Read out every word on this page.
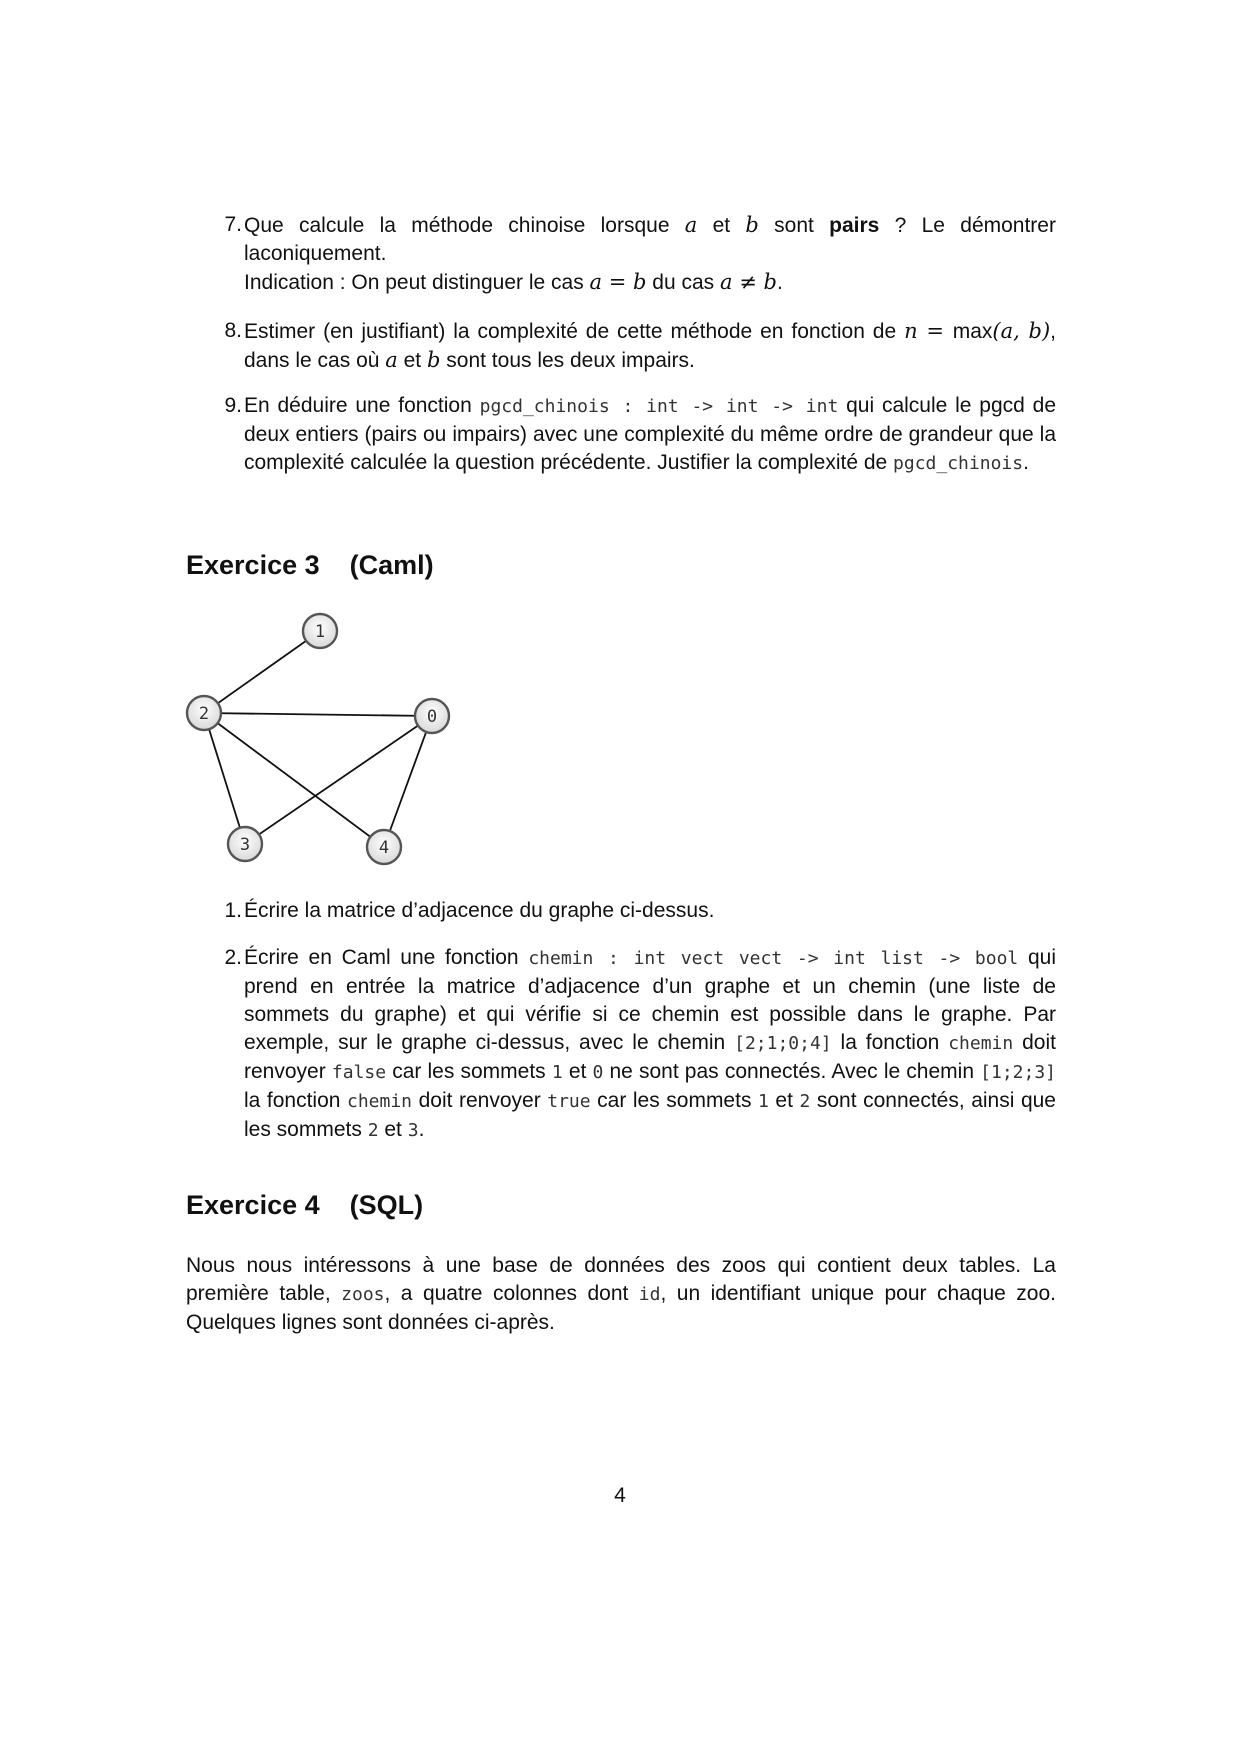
7. Que calcule la méthode chinoise lorsque a et b sont pairs ? Le démontrer laconiquement.

Indication : On peut distinguer le cas a = b du cas a ≠ b.

8. Estimer (en justifiant) la complexité de cette méthode en fonction de n = max(a, b), dans le cas où a et b sont tous les deux impairs.

9. En déduire une fonction pgcd_chinois : int -> int -> int qui calcule le pgcd de deux entiers (pairs ou impairs) avec une complexité du même ordre de grandeur que la complexité calculée la question précédente. Justifier la complexité de pgcd_chinois.

Exercice 3 (Caml)
1
2	0
3	4
1. Écrire la matrice d’adjacence du graphe ci-dessus.

2. Écrire en Caml une fonction chemin : int vect vect -> int list -> bool qui prend en entrée la matrice d’adjacence d’un graphe et un chemin (une liste de sommets du graphe) et qui vérifie si ce chemin est possible dans le graphe. Par exemple, sur le graphe ci-dessus, avec le chemin [2;1;0;4] la fonction chemin doit renvoyer false car les sommets 1 et 0 ne sont pas connectés. Avec le chemin [1;2;3] la fonction chemin doit renvoyer true car les sommets 1 et 2 sont connectés, ainsi que les sommets 2 et 3.

Exercice 4 (SQL)

Nous nous intéressons à une base de données des zoos qui contient deux tables. La première table, zoos, a quatre colonnes dont id, un identifiant unique pour chaque zoo. Quelques lignes sont données ci-après.

4
